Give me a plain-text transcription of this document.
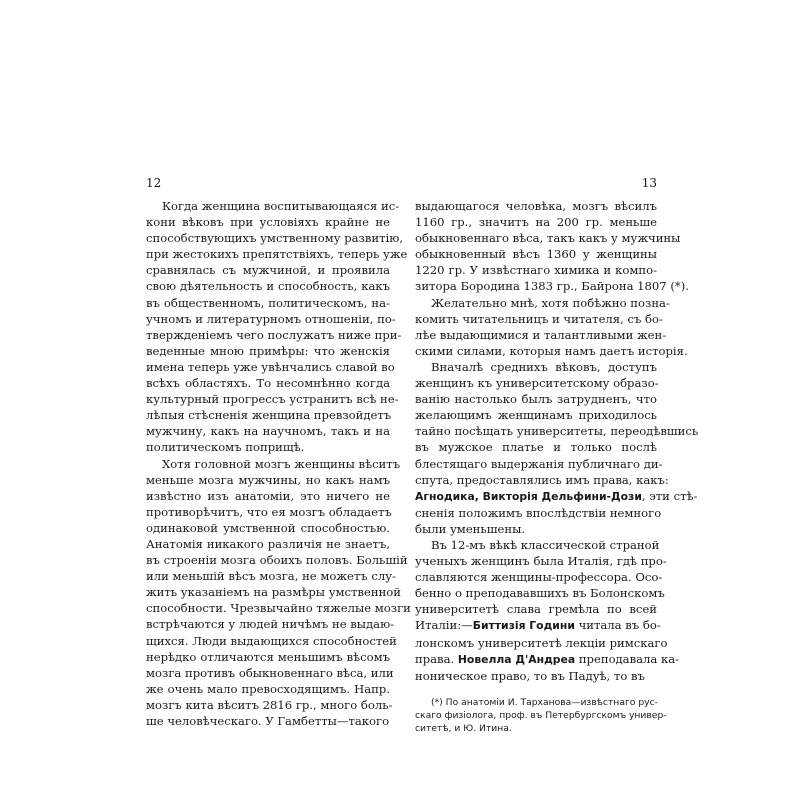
12
Когда женщина воспитывающаяся ис-
кони вѣковъ при условіяхъ крайне не
способствующихъ умственному развитію,
при жестокихъ препятствіяхъ, теперь уже
сравнялась съ мужчиной, и проявила
свою дѣятельность и способность, какъ
въ общественномъ, политическомъ, на-
учномъ и литературномъ отношеніи, по-
твержденіемъ чего послужатъ ниже при-
веденные мною примѣры: что женскія
имена теперь уже увѣнчались славой во
всѣхъ областяхъ. То несомнѣнно когда
культурный прогрессъ устранитъ всѣ не-
лѣпыя стѣсненія женщина превзойдетъ
мужчину, какъ на научномъ, такъ и на
политическомъ поприщѣ.
Хотя головной мозгъ женщины вѣситъ
меньше мозга мужчины, но какъ намъ
извѣстно изъ анатоміи, это ничего не
противорѣчитъ, что ея мозгъ обладаетъ
одинаковой умственной способностью.
Анатомія никакого различія не знаетъ,
въ строеніи мозга обоихъ половъ. Большій
или меньшій вѣсъ мозга, не можетъ слу-
жить указаніемъ на размѣры умственной
способности. Чрезвычайно тяжелые мозги
встрѣчаются у людей ничѣмъ не выдаю-
щихся. Люди выдающихся способностей
нерѣдко отличаются меньшимъ вѣсомъ
мозга противъ обыкновеннаго вѣса, или
же очень мало превосходящимъ. Напр.
мозгъ кита вѣситъ 2816 гр., много боль-
ше человѣческаго. У Гамбетты—такого
13
выдающагося человѣка, мозгъ вѣсилъ
1160 гр., значитъ на 200 гр. меньше
обыкновеннаго вѣса, такъ какъ у мужчины
обыкновенный вѣсъ 1360 у женщины
1220 гр. У извѣстнаго химика и компо-
зитора Бородина 1383 гр., Байрона 1807 (*).
Желательно мнѣ, хотя побѣжно позна-
комить читательницъ и читателя, съ бо-
лѣе выдающимися и талантливыми жен-
скими силами, которыя намъ даетъ исторія.
Вначалѣ среднихъ вѣковъ, доступъ
женщинъ къ университетскому образо-
ванію настолько былъ затрудненъ, что
желающимъ женщинамъ приходилось
тайно посѣщать университеты, переодѣвшись
въ мужское платье и только послѣ
блестящаго выдержанія публичнаго ди-
спута, предоставлялись имъ права, какъ:
Агнодика, Викторія Дельфини-Дози, эти стѣ-
сненія положимъ впослѣдствіи немного
были уменьшены.
Въ 12-мъ вѣкѣ классической страной
ученыхъ женщинъ была Италія, гдѣ про-
славляются женщины-профессора. Осо-
бенно о преподававшихъ въ Болонскомъ
университетѣ слава гремѣла по всей
Италіи:—Биттизія Години читала въ бо-
лонскомъ университетѣ лекціи римскаго
права. Новелла Д'Андреа преподавала ка-
ноническое право, то въ Падуѣ, то въ
(*) По анатоміи И. Тарханова—извѣстнаго рус-
скаго физіолога, проф. въ Петербургскомъ универ-
ситетѣ, и Ю. Итина.
